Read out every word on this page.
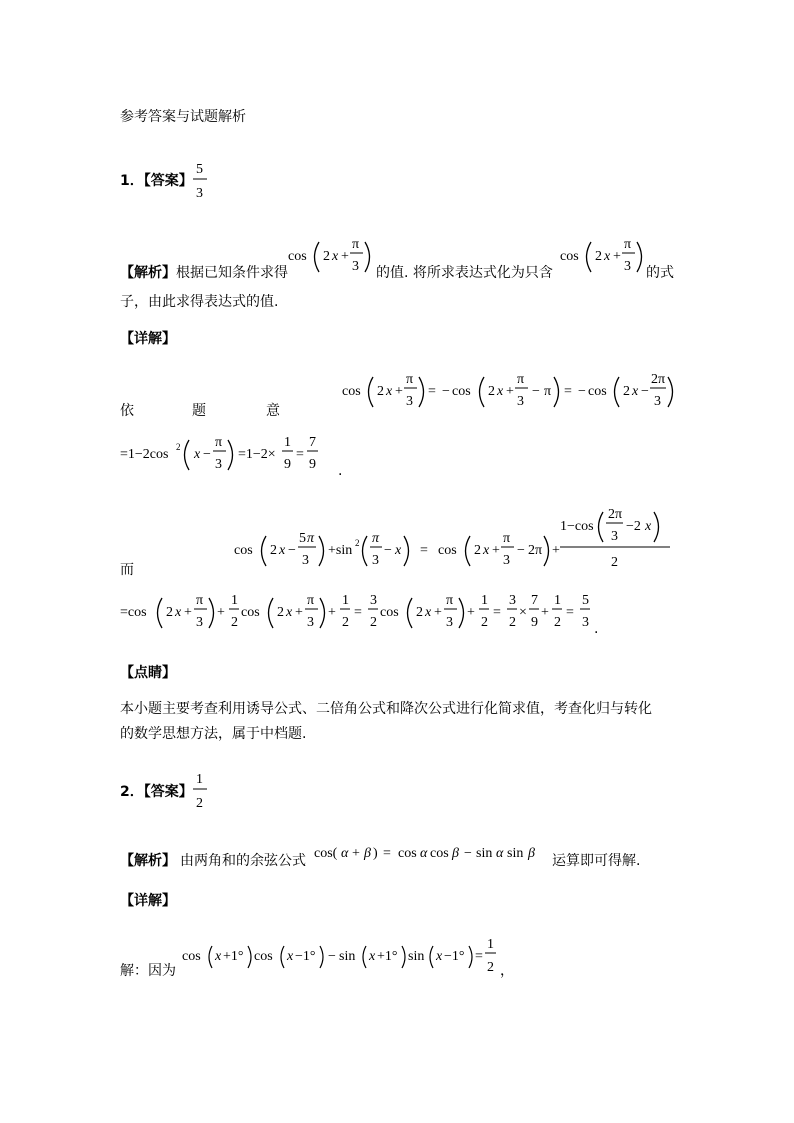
参考答案与试题解析
1．【答案】
5
3
【解析】 根据已知条件求得
cos 2 x +
π
3 的值. 将所求表达式化为只含
cos 2 x +
π
3 的式
子，由此求得表达式的值.
【详解】
依	题	意
cos 2 x +
π
3
= − cos 2 x +
π
3
− π = − cos 2 x −
2π
3
=1−2cos 2 x −
π
3
=1−2×
1
9
=
7
9 .
而
cos 2 x −
5 π
3
+sin 2 π
3
− x = cos 2 x +
π
3
− 2π +
1−cos
2π
3
−2 x
2
=cos 2 x +
π
3
+
1
2
cos 2 x +
π
3
+
1
2
=
3
2
cos 2 x +
π
3
+
1
2
=
3
2
×
7
9
+
1
2
=
5
3 .
【点睛】
本小题主要考查利用诱导公式、二倍角公式和降次公式进行化简求值，考查化归与转化
的数学思想方法，属于中档题.
2．【答案】
1
2
【解析】 由两角和的余弦公式 cos( α + β ) = cos α cos β − sin α sin β 运算即可得解.
【详解】
解：因为
cos x +1° cos x −1° − sin x +1° sin x −1° =
1
2 ，
